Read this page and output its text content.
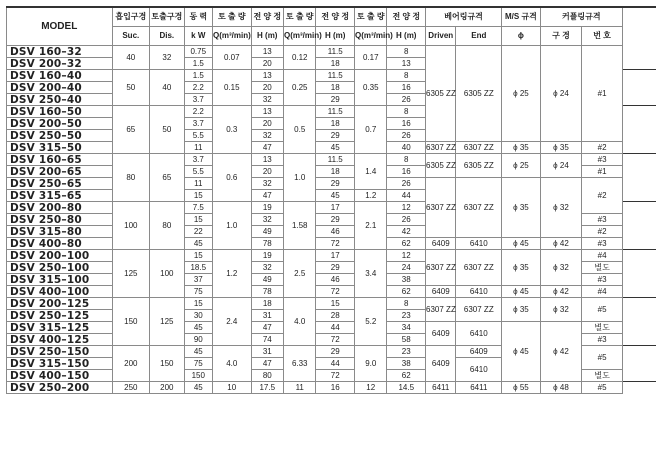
MODEL	흡입구경	토출구경	동 력	토 출 량	전 양 정	토 출 량	전 양 정	토 출 량	전 양 정	베어링규격		M/S 규격	커플링규격	
	Suc.	Dis.	k W	Q(m³/min)	H (m)	Q(m³/min)	H (m)	Q(m³/min)	H (m)	Driven	End	ϕ	구 경	번 호
DSV 160–32	40	32	0.75	0.07	13	0.12	11.5	0.17	8	6305 ZZ	6305 ZZ	ϕ 25	ϕ 24	#1
DSV 200–32			1.5		20		18		13					
DSV 160–40	50	40	1.5	0.15	13	0.25	11.5	0.35	8					
DSV 200–40			2.2		20		18		16					
DSV 250–40			3.7		32		29		26					
DSV 160–50	65	50	2.2	0.3	13	0.5	11.5	0.7	8					
DSV 200–50			3.7		20		18		16					
DSV 250–50			5.5		32		29		26					
DSV 315–50			11		47		45		40	6307 ZZ	6307 ZZ	ϕ 35	ϕ 35	#2
DSV 160–65	80	65	3.7	0.6	13	1.0	11.5	1.4	8	6305 ZZ	6305 ZZ	ϕ 25	ϕ 24	#3
DSV 200–65			5.5		20		18		16					#1
DSV 250–65			11		32		29		26	6307 ZZ	6307 ZZ	ϕ 35	ϕ 32	#2
DSV 315–65			15		47		45	1.2	44					
DSV 200–80	100	80	7.5	1.0	19	1.58	17	2.1	12					
DSV 250–80			15		32		29		26					#3
DSV 315–80			22		49		46		42					#2
DSV 400–80			45		78		72		62	6409	6410	ϕ 45	ϕ 42	#3
DSV 200–100	125	100	15	1.2	19	2.5	17	3.4	12	6307 ZZ	6307 ZZ	ϕ 35	ϕ 32	#4
DSV 250–100			18.5		32		29		24					별도
DSV 315–100			37		49		46		38					#3
DSV 400–100			75		78		72		62	6409	6410	ϕ 45	ϕ 42	#4
DSV 200–125	150	125	15	2.4	18	4.0	15	5.2	8	6307 ZZ	6307 ZZ	ϕ 35	ϕ 32	#5
DSV 250–125			30		31		28		23					
DSV 315–125			45		47		44		34	6409	6410	ϕ 45	ϕ 42	별도
DSV 400–125			90		74		72		58					#3
DSV 250–150	200	150	45	4.0	31	6.33	29	9.0	23	6409	6409			#5
DSV 315–150			75		47		44		38		6410			
DSV 400–150			150		80		72		62					별도
DSV 250–200	250	200	45	10	17.5	11	16	12	14.5	6411	6411	ϕ 55	ϕ 48	#5
